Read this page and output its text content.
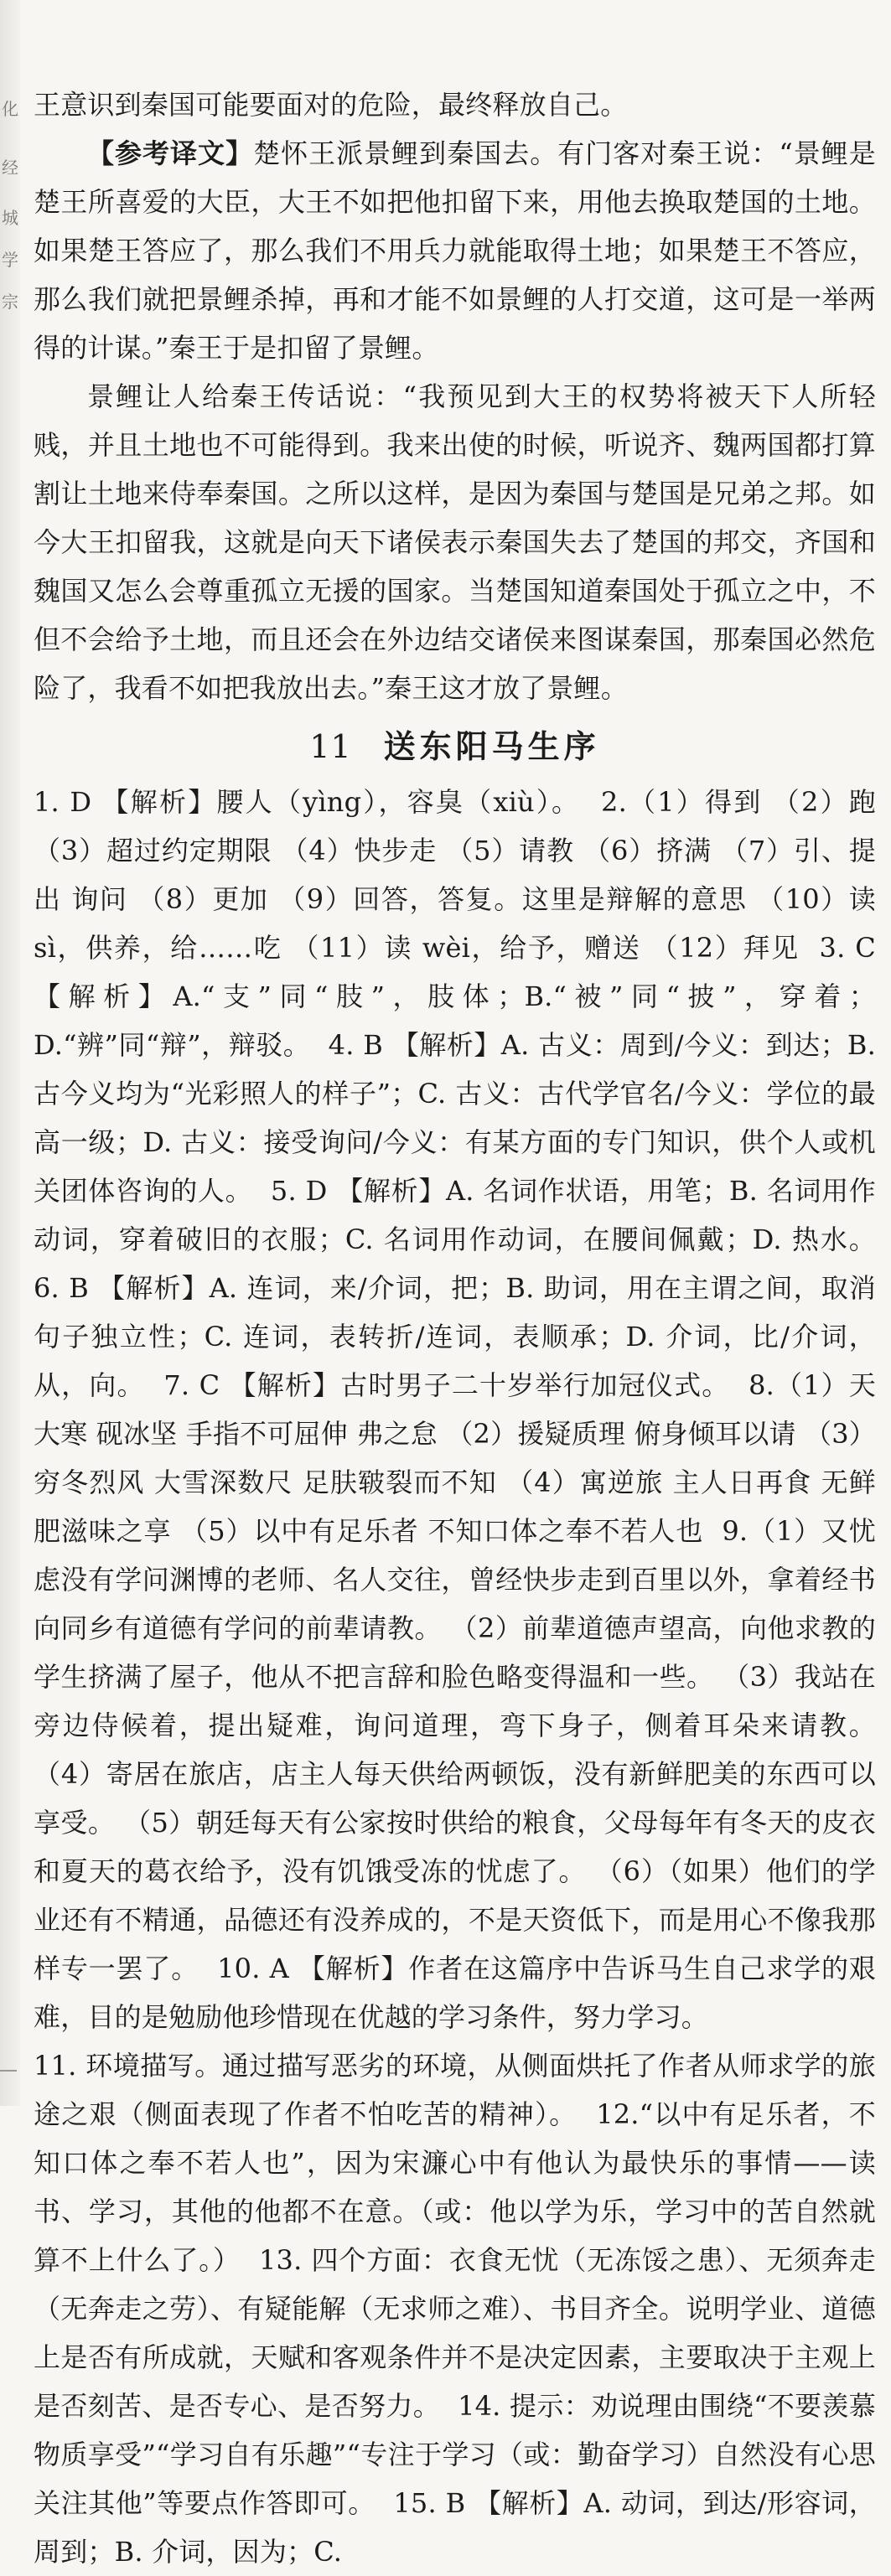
化
经
城
学
宗

王意识到秦国可能要面对的危险，最终释放自己。

【参考译文】楚怀王派景鲤到秦国去。有门客对秦王说：“景鲤是楚王所喜爱的大臣，大王不如把他扣留下来，用他去换取楚国的土地。如果楚王答应了，那么我们不用兵力就能取得土地；如果楚王不答应，那么我们就把景鲤杀掉，再和才能不如景鲤的人打交道，这可是一举两得的计谋。”秦王于是扣留了景鲤。

景鲤让人给秦王传话说：“我预见到大王的权势将被天下人所轻贱，并且土地也不可能得到。我来出使的时候，听说齐、魏两国都打算割让土地来侍奉秦国。之所以这样，是因为秦国与楚国是兄弟之邦。如今大王扣留我，这就是向天下诸侯表示秦国失去了楚国的邦交，齐国和魏国又怎么会尊重孤立无援的国家。当楚国知道秦国处于孤立之中，不但不会给予土地，而且还会在外边结交诸侯来图谋秦国，那秦国必然危险了，我看不如把我放出去。”秦王这才放了景鲤。

11 送东阳马生序

1. D 【解析】腰人（yìng），容臭（xiù）。 2.（1）得到 （2）跑 （3）超过约定期限 （4）快步走 （5）请教 （6）挤满 （7）引、提出 询问 （8）更加 （9）回答，答复。这里是辩解的意思 （10）读 sì，供养，给……吃 （11）读 wèi，给予，赠送 （12）拜见 3. C 【解析】A.“支”同“肢”，肢体；B.“被”同“披”，穿着；D.“辨”同“辩”，辩驳。 4. B 【解析】A. 古义：周到/今义：到达；B. 古今义均为“光彩照人的样子”；C. 古义：古代学官名/今义：学位的最高一级；D. 古义：接受询问/今义：有某方面的专门知识，供个人或机关团体咨询的人。 5. D 【解析】A. 名词作状语，用笔；B. 名词用作动词，穿着破旧的衣服；C. 名词用作动词，在腰间佩戴；D. 热水。  6. B 【解析】A. 连词，来/介词，把；B. 助词，用在主谓之间，取消句子独立性；C. 连词，表转折/连词，表顺承；D. 介词，比/介词，从，向。 7. C 【解析】古时男子二十岁举行加冠仪式。 8.（1）天大寒 砚冰坚 手指不可屈伸 弗之怠 （2）援疑质理 俯身倾耳以请 （3）穷冬烈风 大雪深数尺 足肤皲裂而不知 （4）寓逆旅 主人日再食 无鲜肥滋味之享 （5）以中有足乐者 不知口体之奉不若人也 9.（1）又忧虑没有学问渊博的老师、名人交往，曾经快步走到百里以外，拿着经书向同乡有道德有学问的前辈请教。 （2）前辈道德声望高，向他求教的学生挤满了屋子，他从不把言辞和脸色略变得温和一些。 （3）我站在旁边侍候着，提出疑难，询问道理，弯下身子，侧着耳朵来请教。 （4）寄居在旅店，店主人每天供给两顿饭，没有新鲜肥美的东西可以享受。 （5）朝廷每天有公家按时供给的粮食，父母每年有冬天的皮衣和夏天的葛衣给予，没有饥饿受冻的忧虑了。 （6）（如果）他们的学业还有不精通，品德还有没养成的，不是天资低下，而是用心不像我那样专一罢了。 10. A 【解析】作者在这篇序中告诉马生自己求学的艰难，目的是勉励他珍惜现在优越的学习条件，努力学习。

11. 环境描写。通过描写恶劣的环境，从侧面烘托了作者从师求学的旅途之艰（侧面表现了作者不怕吃苦的精神）。 12.“以中有足乐者，不知口体之奉不若人也”，因为宋濂心中有他认为最快乐的事情——读书、学习，其他的他都不在意。（或：他以学为乐，学习中的苦自然就算不上什么了。） 13. 四个方面：衣食无忧（无冻馁之患）、无须奔走（无奔走之劳）、有疑能解（无求师之难）、书目齐全。说明学业、道德上是否有所成就，天赋和客观条件并不是决定因素，主要取决于主观上是否刻苦、是否专心、是否努力。 14. 提示：劝说理由围绕“不要羡慕物质享受”“学习自有乐趣”“专注于学习（或：勤奋学习）自然没有心思关注其他”等要点作答即可。 15. B 【解析】A. 动词，到达/形容词，周到；B. 介词，因为；C.
